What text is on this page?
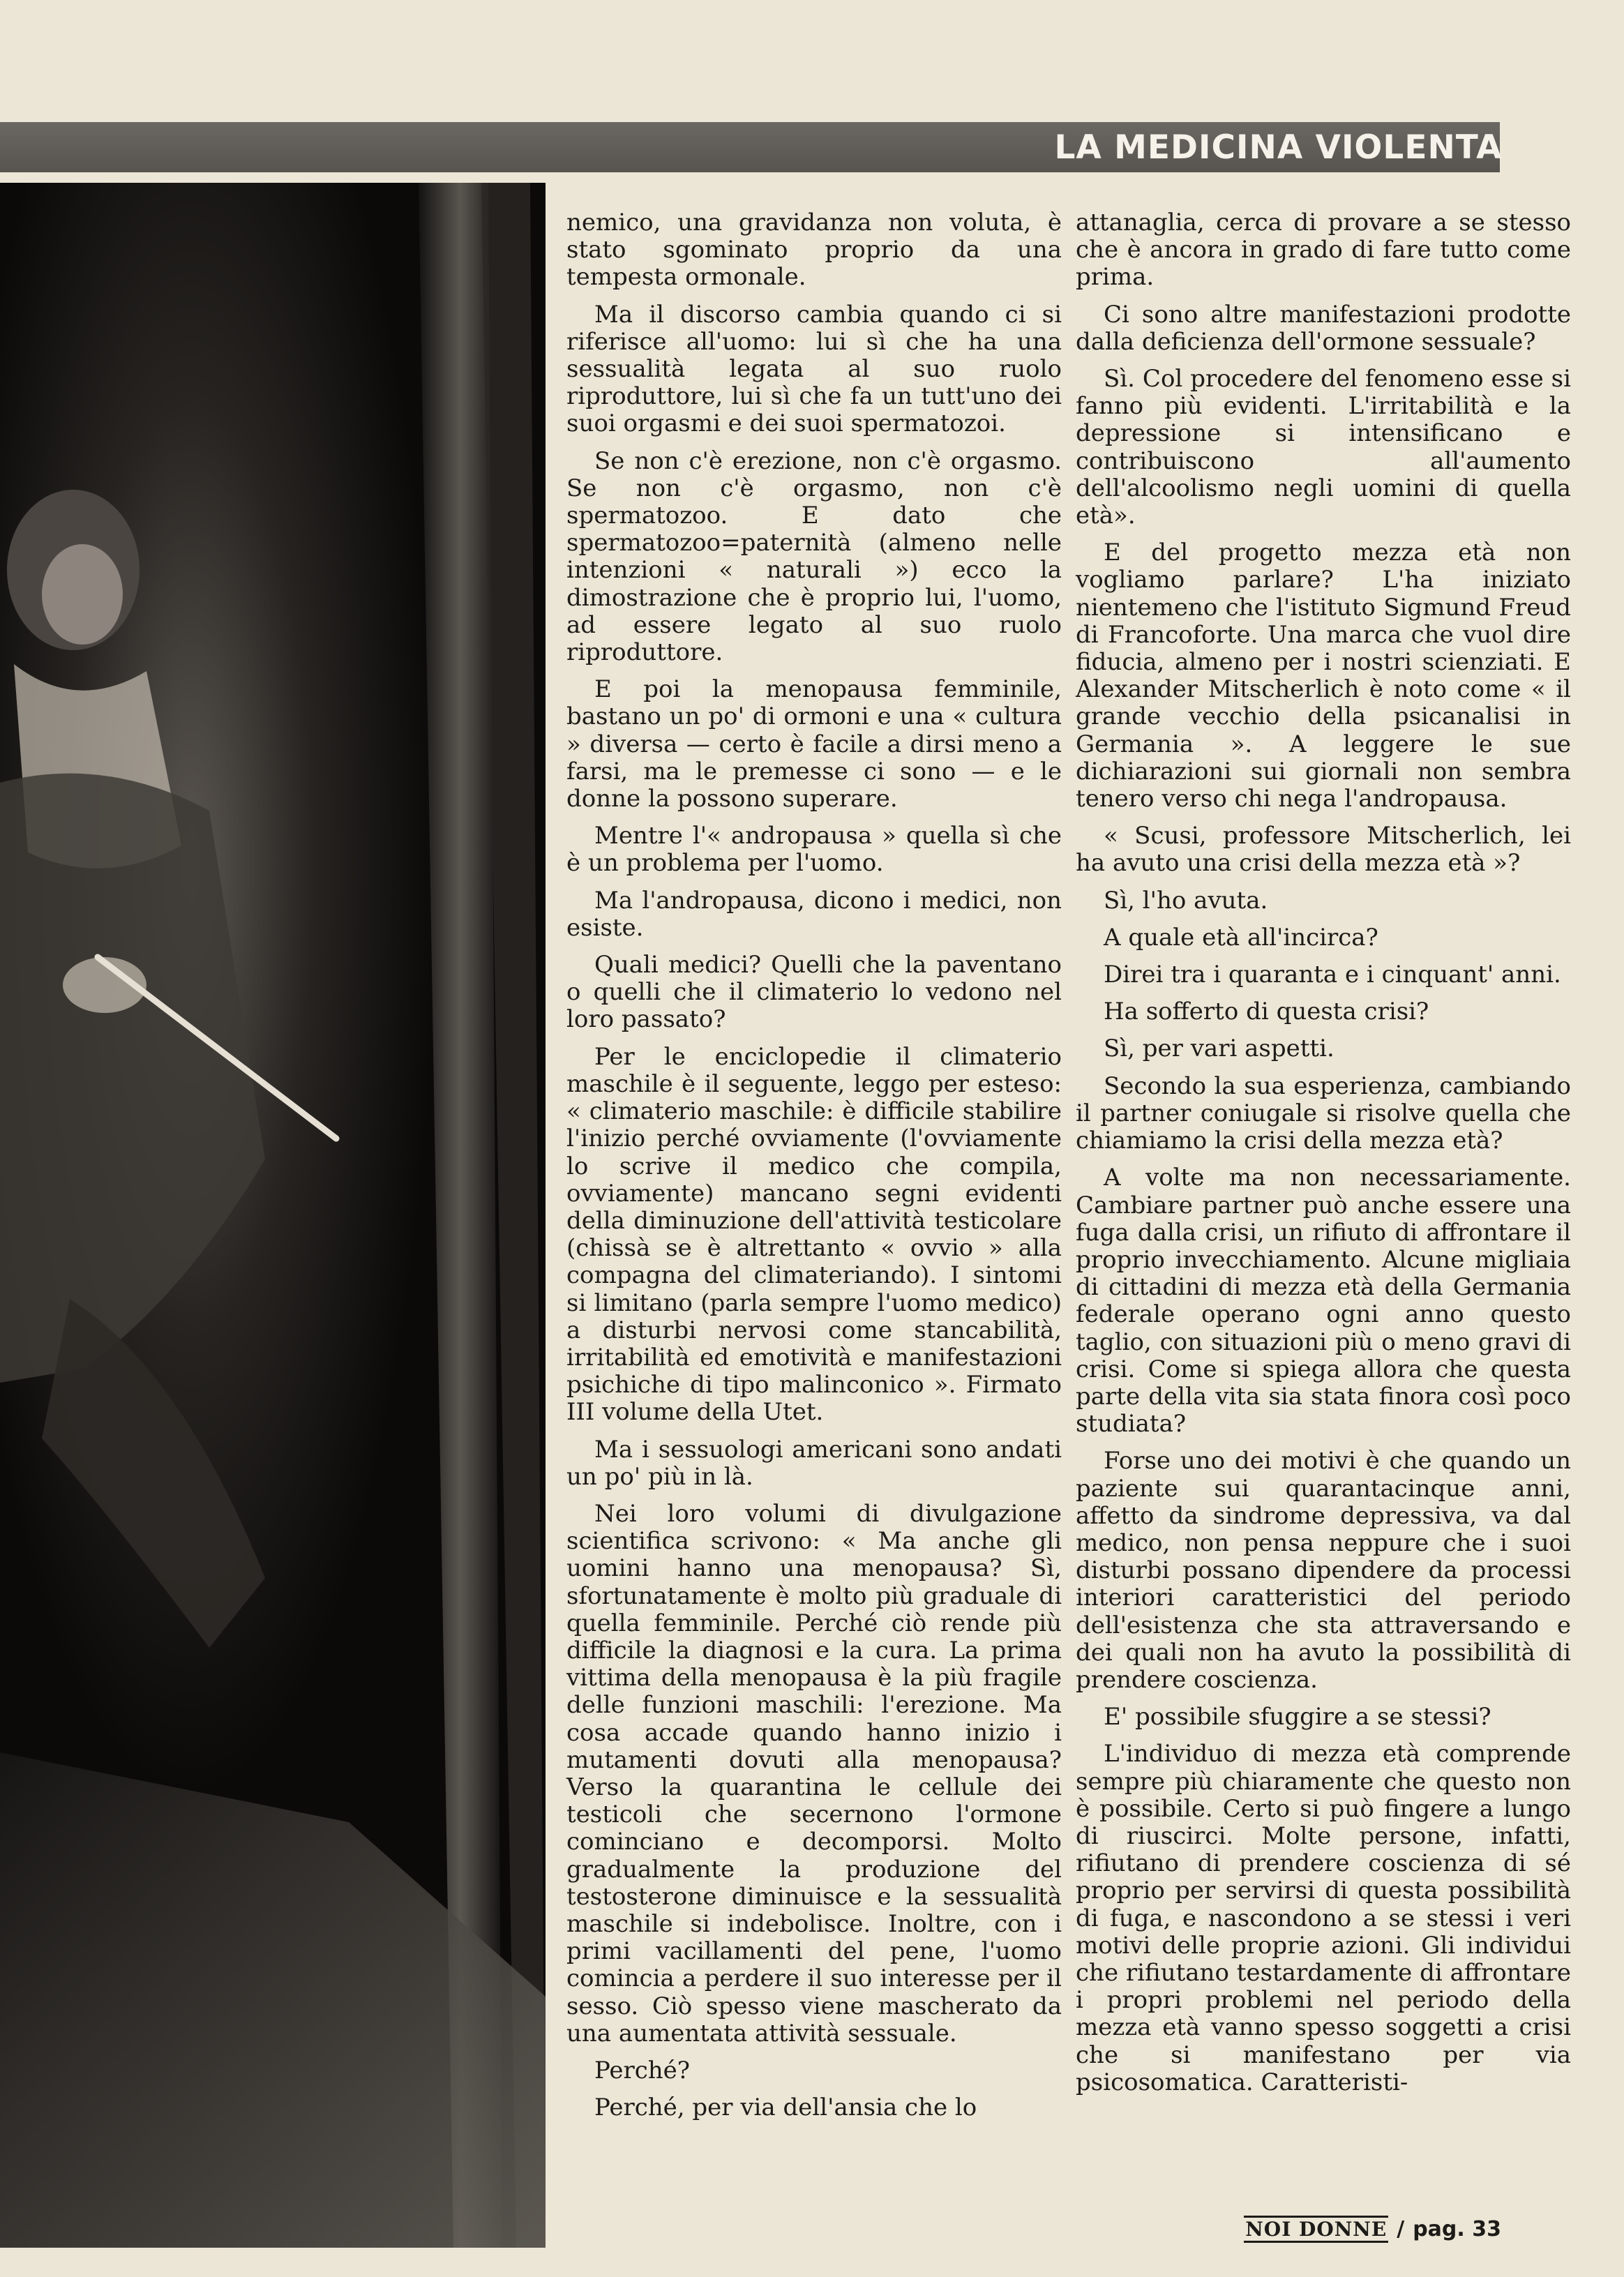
LA MEDICINA VIOLENTA

nemico, una gravidanza non voluta, è stato sgominato proprio da una tempesta ormonale.

Ma il discorso cambia quando ci si riferisce all'uomo: lui sì che ha una sessualità legata al suo ruolo riproduttore, lui sì che fa un tutt'uno dei suoi orgasmi e dei suoi spermatozoi.

Se non c'è erezione, non c'è orgasmo. Se non c'è orgasmo, non c'è spermatozoo. E dato che spermatozoo=paternità (almeno nelle intenzioni « naturali ») ecco la dimostrazione che è proprio lui, l'uomo, ad essere legato al suo ruolo riproduttore.

E poi la menopausa femminile, bastano un po' di ormoni e una « cultura » diversa — certo è facile a dirsi meno a farsi, ma le premesse ci sono — e le donne la possono superare.

Mentre l'« andropausa » quella sì che è un problema per l'uomo.

Ma l'andropausa, dicono i medici, non esiste.

Quali medici? Quelli che la paventano o quelli che il climaterio lo vedono nel loro passato?

Per le enciclopedie il climaterio maschile è il seguente, leggo per esteso: « climaterio maschile: è difficile stabilire l'inizio perché ovviamente (l'ovviamente lo scrive il medico che compila, ovviamente) mancano segni evidenti della diminuzione dell'attività testicolare (chissà se è altrettanto « ovvio » alla compagna del climateriando). I sintomi si limitano (parla sempre l'uomo medico) a disturbi nervosi come stancabilità, irritabilità ed emotività e manifestazioni psichiche di tipo malinconico ». Firmato III volume della Utet.

Ma i sessuologi americani sono andati un po' più in là.

Nei loro volumi di divulgazione scientifica scrivono: « Ma anche gli uomini hanno una menopausa? Sì, sfortunatamente è molto più graduale di quella femminile. Perché ciò rende più difficile la diagnosi e la cura. La prima vittima della menopausa è la più fragile delle funzioni maschili: l'erezione. Ma cosa accade quando hanno inizio i mutamenti dovuti alla menopausa? Verso la quarantina le cellule dei testicoli che secernono l'ormone cominciano e decomporsi. Molto gradualmente la produzione del testosterone diminuisce e la sessualità maschile si indebolisce. Inoltre, con i primi vacillamenti del pene, l'uomo comincia a perdere il suo interesse per il sesso. Ciò spesso viene mascherato da una aumentata attività sessuale.

Perché?

Perché, per via dell'ansia che lo

attanaglia, cerca di provare a se stesso che è ancora in grado di fare tutto come prima.

Ci sono altre manifestazioni prodotte dalla deficienza dell'ormone sessuale?

Sì. Col procedere del fenomeno esse si fanno più evidenti. L'irritabilità e la depressione si intensificano e contribuiscono all'aumento dell'alcoolismo negli uomini di quella età».

E del progetto mezza età non vogliamo parlare? L'ha iniziato nientemeno che l'istituto Sigmund Freud di Francoforte. Una marca che vuol dire fiducia, almeno per i nostri scienziati. E Alexander Mitscherlich è noto come « il grande vecchio della psicanalisi in Germania ». A leggere le sue dichiarazioni sui giornali non sembra tenero verso chi nega l'andropausa.

« Scusi, professore Mitscherlich, lei ha avuto una crisi della mezza età »?

Sì, l'ho avuta.

A quale età all'incirca?

Direi tra i quaranta e i cinquant' anni.

Ha sofferto di questa crisi?

Sì, per vari aspetti.

Secondo la sua esperienza, cambiando il partner coniugale si risolve quella che chiamiamo la crisi della mezza età?

A volte ma non necessariamente. Cambiare partner può anche essere una fuga dalla crisi, un rifiuto di affrontare il proprio invecchiamento. Alcune migliaia di cittadini di mezza età della Germania federale operano ogni anno questo taglio, con situazioni più o meno gravi di crisi. Come si spiega allora che questa parte della vita sia stata finora così poco studiata?

Forse uno dei motivi è che quando un paziente sui quarantacinque anni, affetto da sindrome depressiva, va dal medico, non pensa neppure che i suoi disturbi possano dipendere da processi interiori caratteristici del periodo dell'esistenza che sta attraversando e dei quali non ha avuto la possibilità di prendere coscienza.

E' possibile sfuggire a se stessi?

L'individuo di mezza età comprende sempre più chiaramente che questo non è possibile. Certo si può fingere a lungo di riuscirci. Molte persone, infatti, rifiutano di prendere coscienza di sé proprio per servirsi di questa possibilità di fuga, e nascondono a se stessi i veri motivi delle proprie azioni. Gli individui che rifiutano testardamente di affrontare i propri problemi nel periodo della mezza età vanno spesso soggetti a crisi che si manifestano per via psicosomatica. Caratteristi-

NOI DONNE / pag. 33
